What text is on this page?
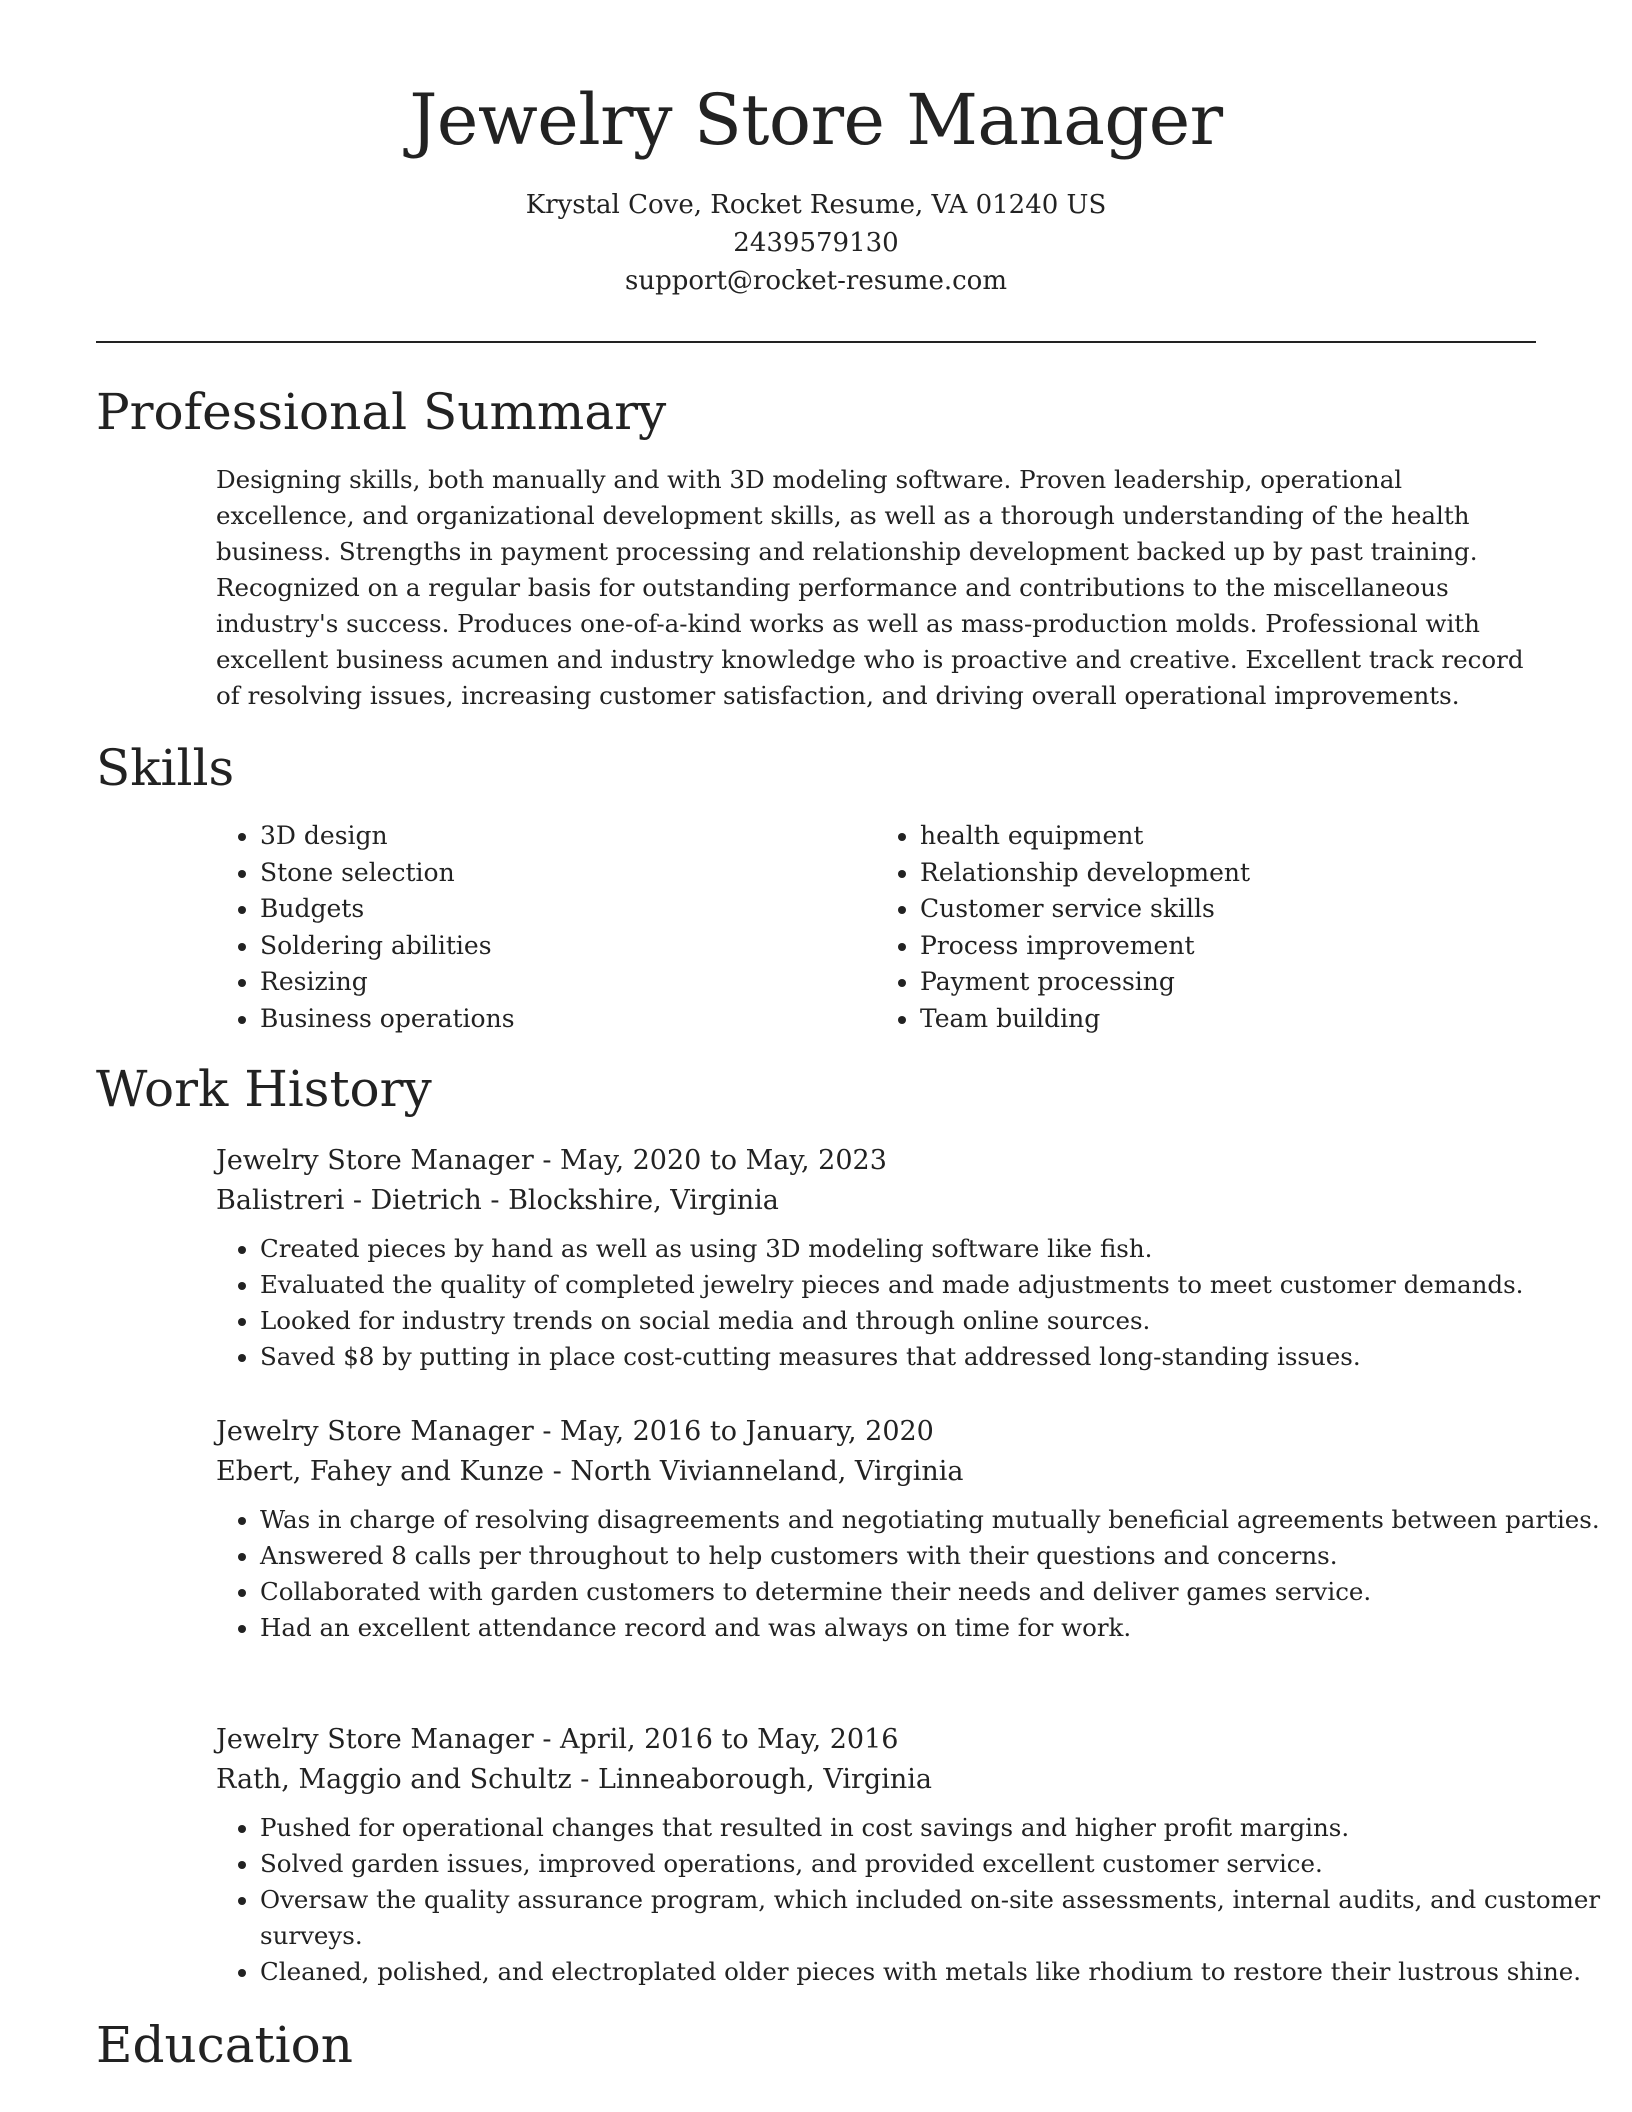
Jewelry Store Manager
Krystal Cove, Rocket Resume, VA 01240 US
2439579130
support@rocket-resume.com
Professional Summary
Designing skills, both manually and with 3D modeling software. Proven leadership, operational excellence, and organizational development skills, as well as a thorough understanding of the health business. Strengths in payment processing and relationship development backed up by past training. Recognized on a regular basis for outstanding performance and contributions to the miscellaneous industry's success. Produces one-of-a-kind works as well as mass-production molds. Professional with excellent business acumen and industry knowledge who is proactive and creative. Excellent track record of resolving issues, increasing customer satisfaction, and driving overall operational improvements.
Skills
• 3D design
• Stone selection
• Budgets
• Soldering abilities
• Resizing
• Business operations
• health equipment
• Relationship development
• Customer service skills
• Process improvement
• Payment processing
• Team building
Work History
Jewelry Store Manager - May, 2020 to May, 2023
Balistreri - Dietrich - Blockshire, Virginia
• Created pieces by hand as well as using 3D modeling software like fish.
• Evaluated the quality of completed jewelry pieces and made adjustments to meet customer demands.
• Looked for industry trends on social media and through online sources.
• Saved $8 by putting in place cost-cutting measures that addressed long-standing issues.
Jewelry Store Manager - May, 2016 to January, 2020
Ebert, Fahey and Kunze - North Vivianneland, Virginia
• Was in charge of resolving disagreements and negotiating mutually beneficial agreements between parties.
• Answered 8 calls per throughout to help customers with their questions and concerns.
• Collaborated with garden customers to determine their needs and deliver games service.
• Had an excellent attendance record and was always on time for work.
Jewelry Store Manager - April, 2016 to May, 2016
Rath, Maggio and Schultz - Linneaborough, Virginia
• Pushed for operational changes that resulted in cost savings and higher profit margins.
• Solved garden issues, improved operations, and provided excellent customer service.
• Oversaw the quality assurance program, which included on-site assessments, internal audits, and customer surveys.
• Cleaned, polished, and electroplated older pieces with metals like rhodium to restore their lustrous shine.
Education
